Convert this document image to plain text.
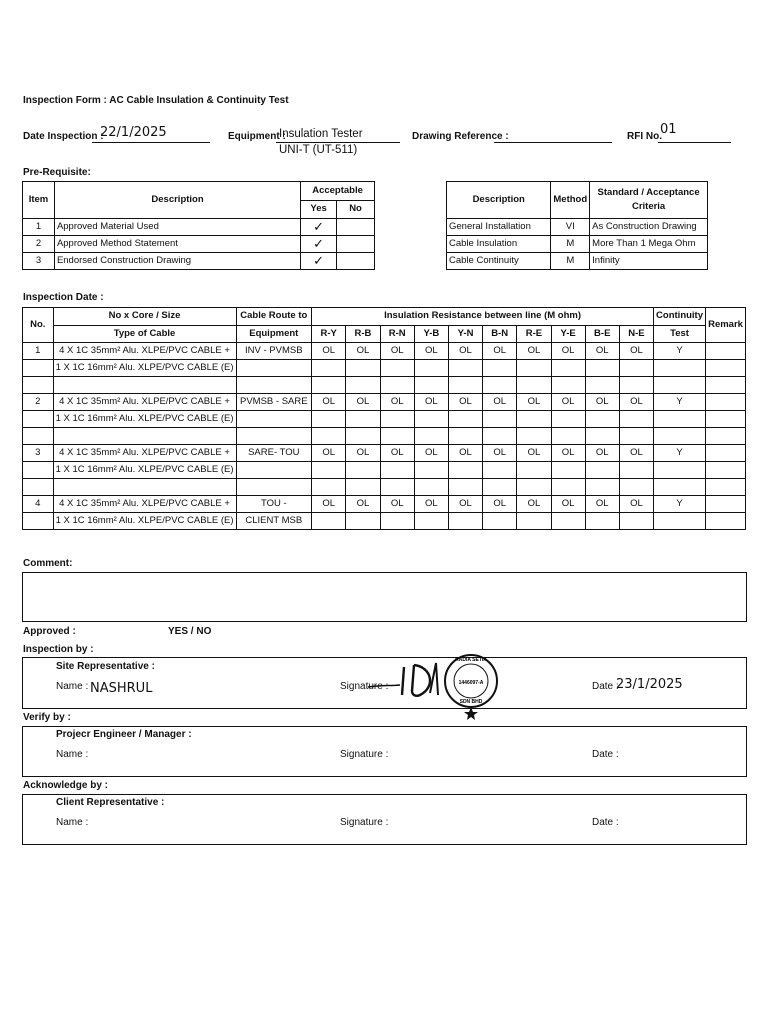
Inspection Form : AC Cable Insulation & Continuity Test
Date Inspection :
22/1/2025	Equipment :
Insulation Tester
UNI-T (UT-511)
Drawing Reference :	RFI No.
01
Pre-Requisite:
Item	Description	Acceptable	
		Yes	No
1	Approved Material Used	✓	
2	Approved Method Statement	✓	
3	Endorsed Construction Drawing	✓	
Description	Method	Standard / Acceptance
Criteria

General Installation	VI	As Construction Drawing
Cable Insulation	M	More Than 1 Mega Ohm
Cable Continuity	M	Infinity
Inspection Date :
No.	No x Core / Size	Cable Route to	Insulation Resistance between line (M ohm)										Continuity	Remark
	Type of Cable	Equipment	R-Y	R-B	R-N	Y-B	Y-N	B-N	R-E	Y-E	B-E	N-E	Test	
1	4 X 1C 35mm² Alu. XLPE/PVC CABLE +	INV - PVMSB	OL	OL	OL	OL	OL	OL	OL	OL	OL	OL	Y	
	1 X 1C 16mm² Alu. XLPE/PVC CABLE (E)													

2	4 X 1C 35mm² Alu. XLPE/PVC CABLE +	PVMSB - SARE	OL	OL	OL	OL	OL	OL	OL	OL	OL	OL	Y	
	1 X 1C 16mm² Alu. XLPE/PVC CABLE (E)													

3	4 X 1C 35mm² Alu. XLPE/PVC CABLE +	SARE- TOU	OL	OL	OL	OL	OL	OL	OL	OL	OL	OL	Y	
	1 X 1C 16mm² Alu. XLPE/PVC CABLE (E)													

4	4 X 1C 35mm² Alu. XLPE/PVC CABLE +	TOU -	OL	OL	OL	OL	OL	OL	OL	OL	OL	OL	Y	
	1 X 1C 16mm² Alu. XLPE/PVC CABLE (E)	CLIENT MSB												
Comment:
Approved :	YES / NO
Inspection by :
Site Representative :
Name : NASHRUL	Signature :	Date :
23/1/2025
1446097-A
RADIA SETIA
SDN BHD
Verify by :
Projecr Engineer / Manager :
Name :	Signature :	Date :
Acknowledge by :
Client Representative :
Name :	Signature :	Date :
